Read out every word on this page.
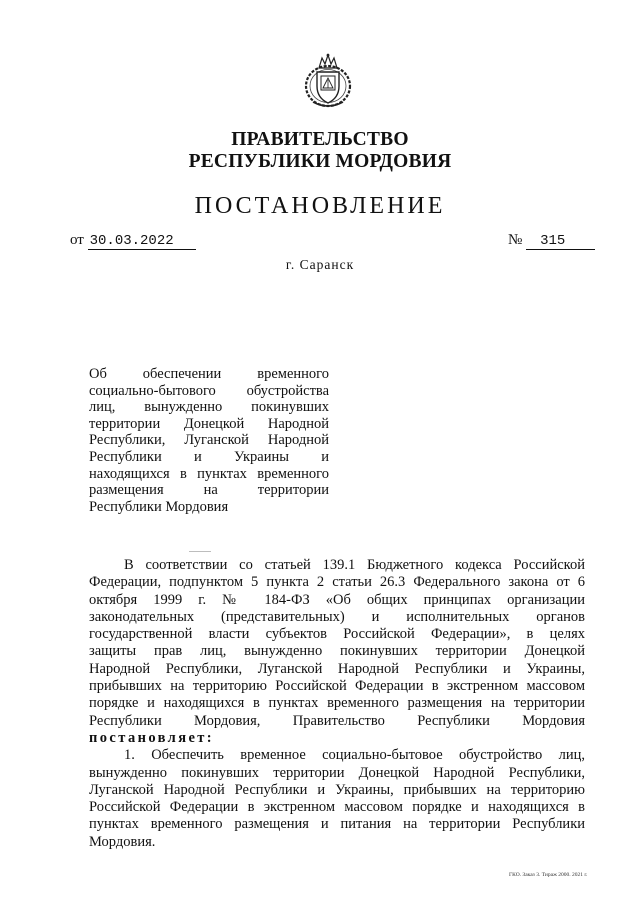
ПРАВИТЕЛЬСТВО
РЕСПУБЛИКИ МОРДОВИЯ
ПОСТАНОВЛЕНИЕ
от 30.03.2022	№ 315
г. Саранск
Об обеспечении временного
социально-бытового обустройства
лиц, вынужденно покинувших
территории Донецкой Народной
Республики, Луганской Народной
Республики и Украины и
находящихся в пунктах временного
размещения на территории
Республики Мордовия
В соответствии со статьей 139.1 Бюджетного кодекса Российской
Федерации, подпунктом 5 пункта 2 статьи 26.3 Федерального закона от 6
октября 1999 г. № 184-ФЗ «Об общих принципах организации
законодательных (представительных) и исполнительных органов
государственной власти субъектов Российской Федерации», в целях
защиты прав лиц, вынужденно покинувших территории Донецкой
Народной Республики, Луганской Народной Республики и Украины,
прибывших на территорию Российской Федерации в экстренном массовом
порядке и находящихся в пунктах временного размещения на территории
Республики Мордовия, Правительство Республики Мордовия
постановляет:
1. Обеспечить временное социально-бытовое обустройство лиц,
вынужденно покинувших территории Донецкой Народной Республики,
Луганской Народной Республики и Украины, прибывших на территорию
Российской Федерации в экстренном массовом порядке и находящихся в
пунктах временного размещения и питания на территории Республики
Мордовия.
ГКО. Заказ 3. Тираж 2000. 2021 г.
